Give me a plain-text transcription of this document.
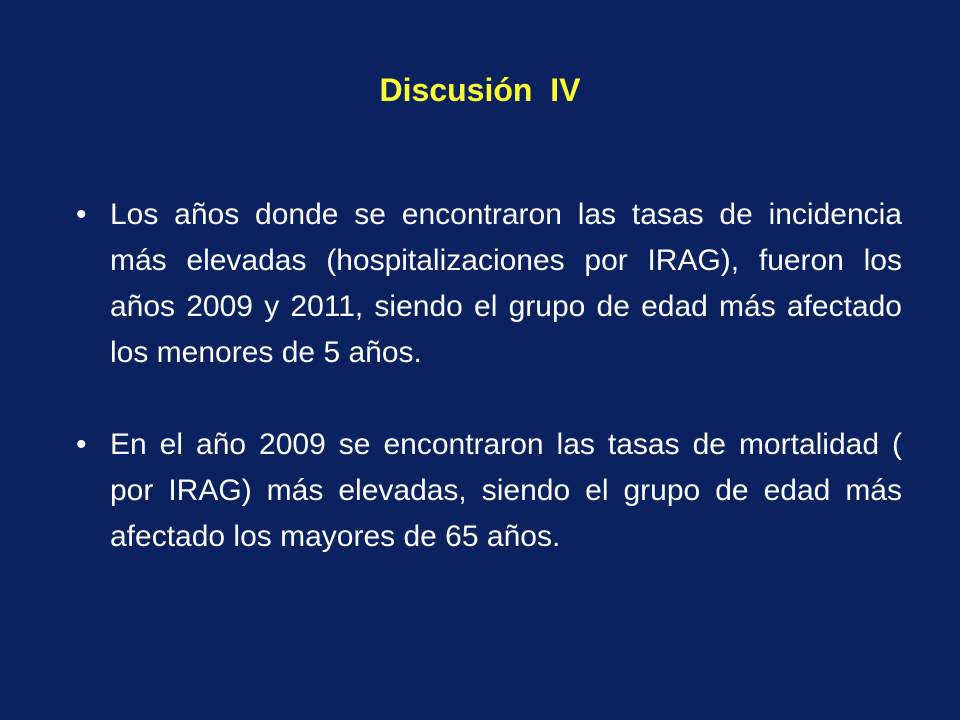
Discusión  IV
• Los años donde se encontraron las tasas de incidencia más elevadas (hospitalizaciones por IRAG), fueron los años 2009 y 2011, siendo el grupo de edad más afectado los menores de 5 años.
• En el año 2009 se encontraron las tasas de mortalidad ( por IRAG) más elevadas, siendo el grupo de edad más afectado los mayores de 65 años.
